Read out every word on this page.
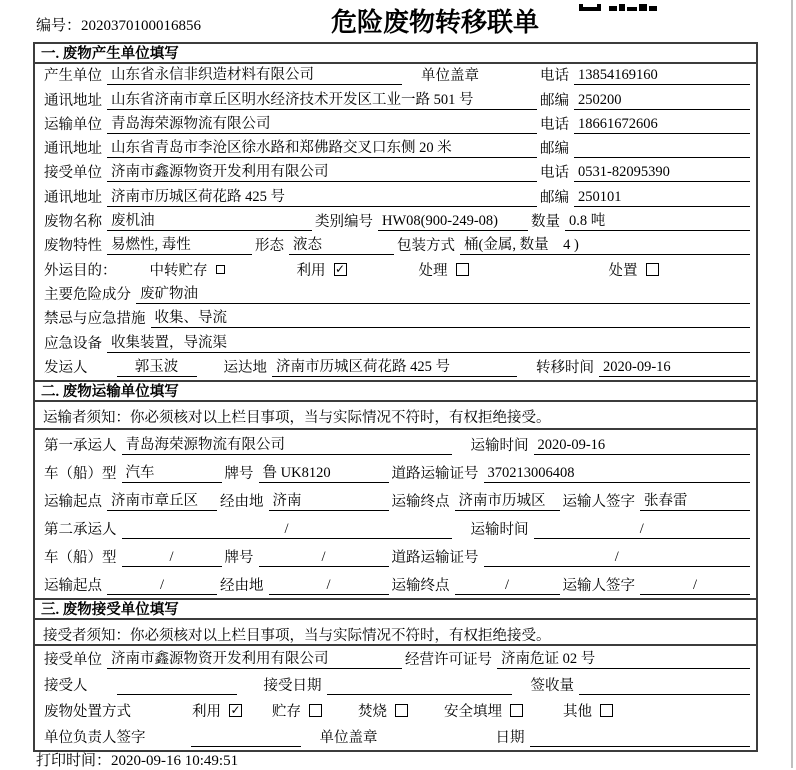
编号：2020370100016856	危险废物转移联单
一. 废物产生单位填写
产生单位 山东省永信非织造材料有限公司	单位盖章	电话 13854169160
通讯地址 山东省济南市章丘区明水经济技术开发区工业一路 501 号	邮编 250200
运输单位 青岛海荣源物流有限公司	电话 18661672606
通讯地址 山东省青岛市李沧区徐水路和郑佛路交叉口东侧 20 米	邮编
接受单位 济南市鑫源物资开发利用有限公司	电话 0531-82095390
通讯地址 济南市历城区荷花路 425 号	邮编 250101
废物名称 废机油	类别编号 HW08(900-249-08)	数量 0.8 吨
废物特性 易燃性, 毒性	形态 液态	包装方式 桶(金属, 数量　4 )
外运目的：	中转贮存	利用 ✓	处理	处置
主要危险成分 废矿物油
禁忌与应急措施 收集、导流
应急设备 收集装置，导流渠
发运人	郭玉波	运达地 济南市历城区荷花路 425 号	转移时间 2020-09-16
二. 废物运输单位填写
运输者须知：你必须核对以上栏目事项，当与实际情况不符时，有权拒绝接受。
第一承运人 青岛海荣源物流有限公司	运输时间 2020-09-16
车（船）型 汽车	牌号 鲁 UK8120	道路运输证号 370213006408
运输起点 济南市章丘区	经由地 济南	运输终点 济南市历城区	运输人签字 张春雷
第二承运人	/	运输时间	/
车（船）型	/	牌号	/	道路运输证号	/
运输起点	/	经由地	/	运输终点	/	运输人签字	/
三. 废物接受单位填写
接受者须知：你必须核对以上栏目事项，当与实际情况不符时，有权拒绝接受。
接受单位 济南市鑫源物资开发利用有限公司	经营许可证号 济南危证 02 号
接受人	接受日期	签收量
废物处置方式	利用 ✓ 贮存	焚烧	安全填埋	其他
单位负责人签字	单位盖章	日期
打印时间：2020-09-16 10:49:51
